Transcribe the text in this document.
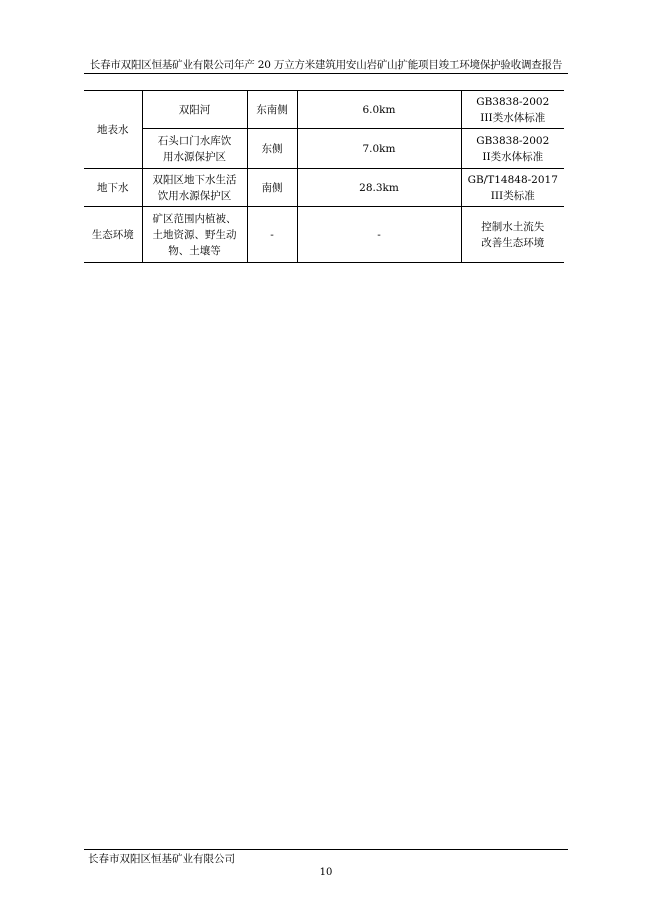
长春市双阳区恒基矿业有限公司年产 20 万立方米建筑用安山岩矿山扩能项目竣工环境保护验收调查报告
地表水	双阳河	东南侧	6.0km	GB3838-2002
III类水体标准
	石头口门水库饮
用水源保护区	东侧	7.0km	GB3838-2002
II类水体标准
地下水	双阳区地下水生活
饮用水源保护区	南侧	28.3km	GB/T14848-2017
III类标准
生态环境	矿区范围内植被、
土地资源、野生动
物、土壤等	-	-	控制水土流失
改善生态环境
长春市双阳区恒基矿业有限公司
10
